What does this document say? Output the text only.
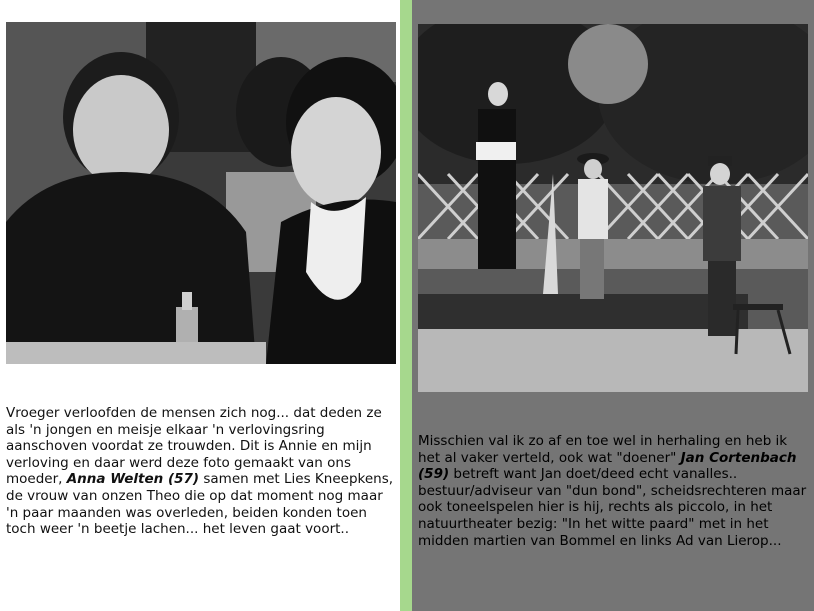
Vroeger verloofden de mensen zich nog... dat deden ze als 'n jongen en meisje elkaar 'n verlovingsring aanschoven voordat ze trouwden. Dit is Annie en mijn verloving en daar werd deze foto gemaakt van ons moeder, Anna Welten (57) samen met Lies Kneepkens, de vrouw van onzen Theo die op dat moment nog maar 'n paar maanden was overleden, beiden konden toen toch weer 'n beetje lachen... het leven gaat voort..
Misschien val ik zo af en toe wel in herhaling en heb ik het al vaker verteld, ook wat "doener" Jan Cortenbach (59) betreft want Jan doet/deed echt vanalles.. bestuur/adviseur van "dun bond", scheidsrechteren maar ook toneelspelen hier is hij, rechts als piccolo, in het natuurtheater bezig: "In het witte paard" met in het midden martien van Bommel en links Ad van Lierop...
